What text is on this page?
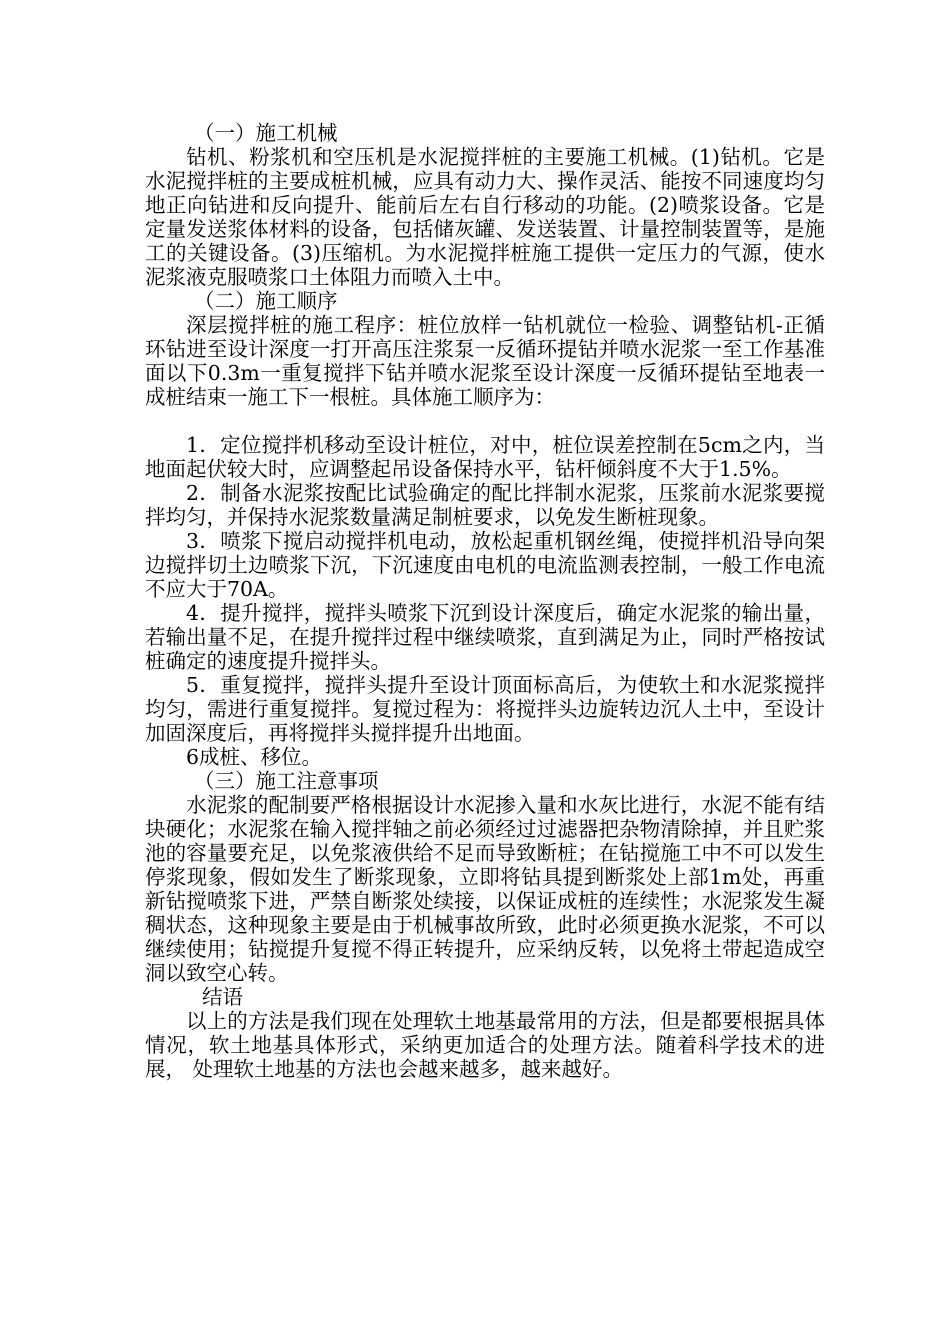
（一）施工机械

钻机、粉浆机和空压机是水泥搅拌桩的主要施工机械。(1)钻机。它是水泥搅拌桩的主要成桩机械，应具有动力大、操作灵活、能按不同速度均匀地正向钻进和反向提升、能前后左右自行移动的功能。(2)喷浆设备。它是定量发送浆体材料的设备，包括储灰罐、发送装置、计量控制装置等，是施工的关键设备。(3)压缩机。为水泥搅拌桩施工提供一定压力的气源，使水泥浆液克服喷浆口土体阻力而喷入土中。

（二）施工顺序

深层搅拌桩的施工程序：桩位放样一钻机就位一检验、调整钻机-正循环钻进至设计深度一打开高压注浆泵一反循环提钻并喷水泥浆一至工作基准面以下0.3m一重复搅拌下钻并喷水泥浆至设计深度一反循环提钻至地表一成桩结束一施工下一根桩。具体施工顺序为：

1．定位搅拌机移动至设计桩位，对中，桩位误差控制在5cm之内，当地面起伏较大时，应调整起吊设备保持水平，钻杆倾斜度不大于1.5%。

2．制备水泥浆按配比试验确定的配比拌制水泥浆，压浆前水泥浆要搅拌均匀，并保持水泥浆数量满足制桩要求，以免发生断桩现象。

3．喷浆下搅启动搅拌机电动，放松起重机钢丝绳，使搅拌机沿导向架边搅拌切土边喷浆下沉，下沉速度由电机的电流监测表控制，一般工作电流不应大于70A。

4．提升搅拌，搅拌头喷浆下沉到设计深度后，确定水泥浆的输出量，若输出量不足，在提升搅拌过程中继续喷浆，直到满足为止，同时严格按试桩确定的速度提升搅拌头。

5．重复搅拌，搅拌头提升至设计顶面标高后，为使软土和水泥浆搅拌均匀，需进行重复搅拌。复搅过程为：将搅拌头边旋转边沉人土中，至设计加固深度后，再将搅拌头搅拌提升出地面。

6成桩、移位。

（三）施工注意事项

水泥浆的配制要严格根据设计水泥掺入量和水灰比进行，水泥不能有结块硬化；水泥浆在输入搅拌轴之前必须经过过滤器把杂物清除掉，并且贮浆池的容量要充足，以免浆液供给不足而导致断桩；在钻搅施工中不可以发生停浆现象，假如发生了断浆现象，立即将钻具提到断浆处上部1m处，再重新钻搅喷浆下进，严禁自断浆处续接，以保证成桩的连续性；水泥浆发生凝稠状态，这种现象主要是由于机械事故所致，此时必须更换水泥浆，不可以继续使用；钻搅提升复搅不得正转提升，应采纳反转，以免将土带起造成空洞以致空心转。

结语

以上的方法是我们现在处理软土地基最常用的方法，但是都要根据具体情况，软土地基具体形式，采纳更加适合的处理方法。随着科学技术的进展， 处理软土地基的方法也会越来越多，越来越好。
